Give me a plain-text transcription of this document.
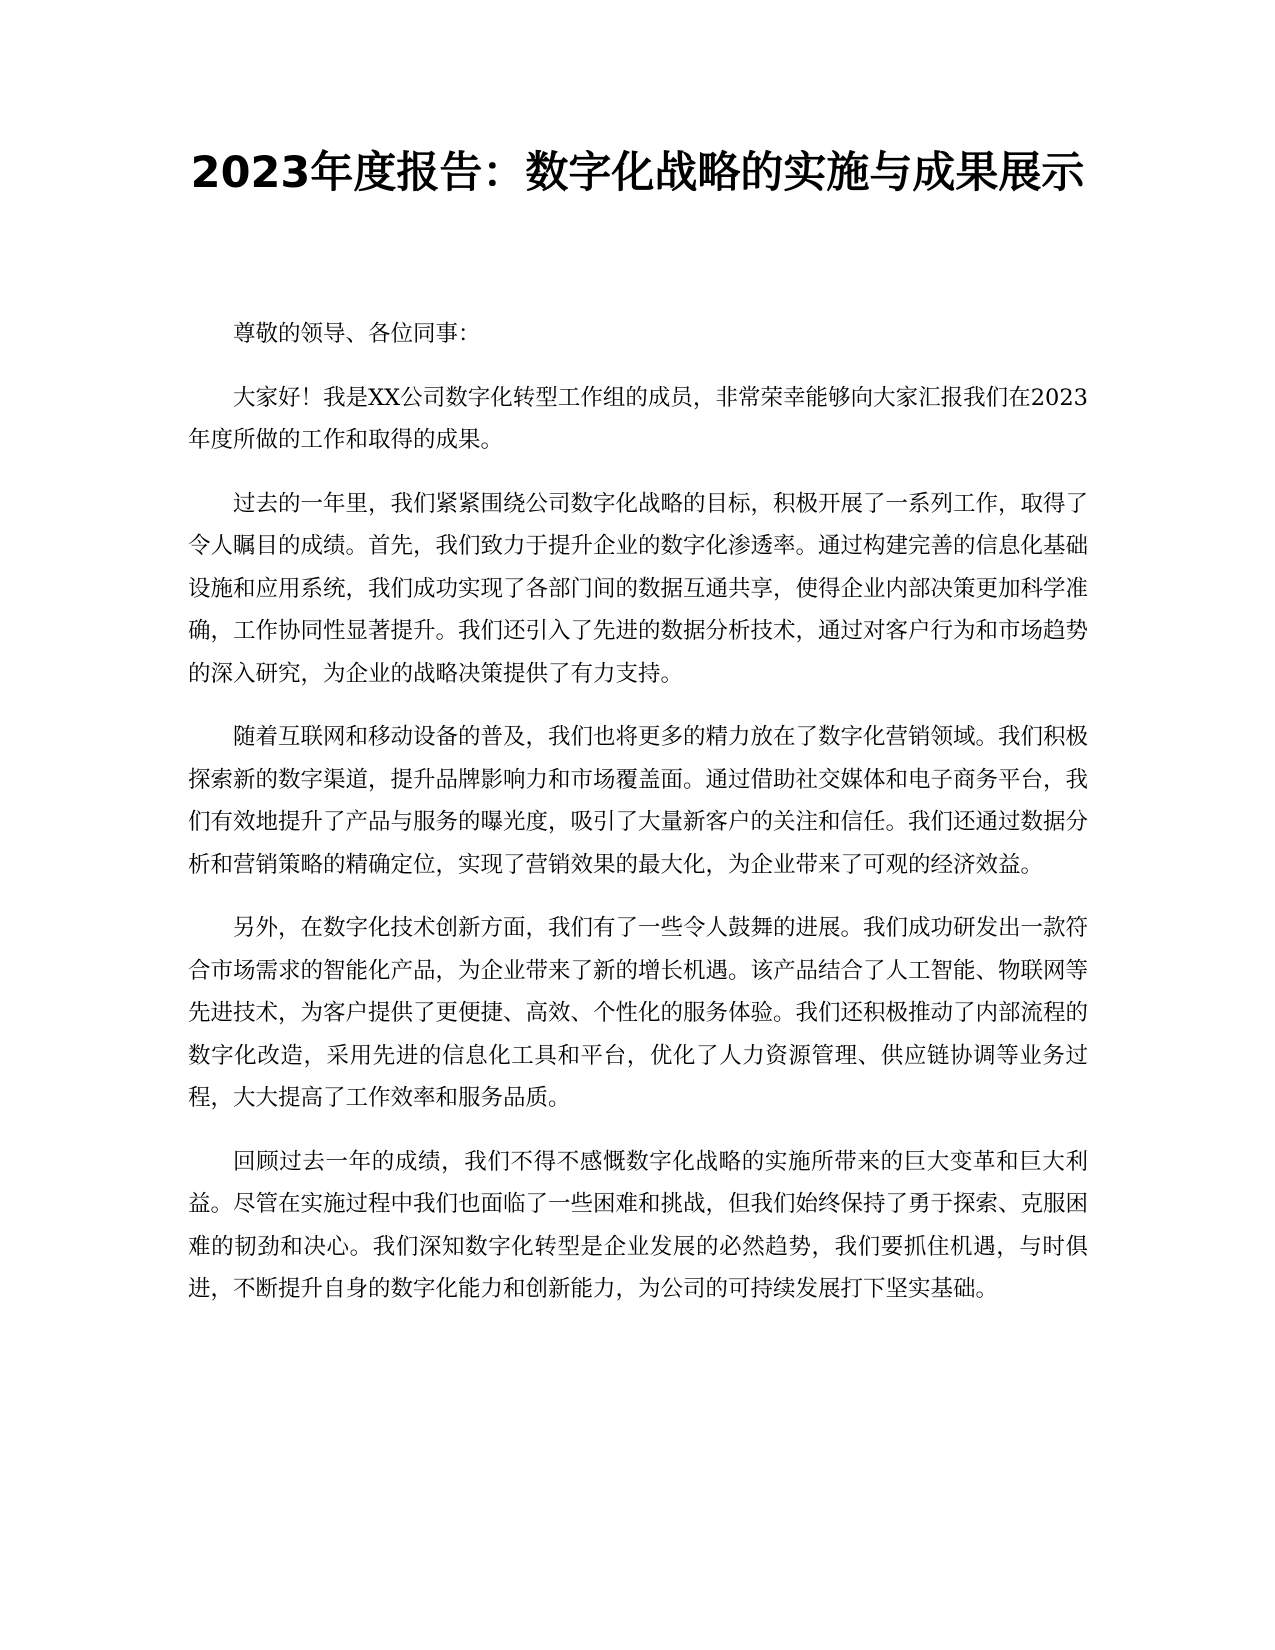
2023年度报告：数字化战略的实施与成果展示

尊敬的领导、各位同事：

大家好！我是XX公司数字化转型工作组的成员，非常荣幸能够向大家汇报我们在2023年度所做的工作和取得的成果。

过去的一年里，我们紧紧围绕公司数字化战略的目标，积极开展了一系列工作，取得了令人瞩目的成绩。首先，我们致力于提升企业的数字化渗透率。通过构建完善的信息化基础设施和应用系统，我们成功实现了各部门间的数据互通共享，使得企业内部决策更加科学准确，工作协同性显著提升。我们还引入了先进的数据分析技术，通过对客户行为和市场趋势的深入研究，为企业的战略决策提供了有力支持。

随着互联网和移动设备的普及，我们也将更多的精力放在了数字化营销领域。我们积极探索新的数字渠道，提升品牌影响力和市场覆盖面。通过借助社交媒体和电子商务平台，我们有效地提升了产品与服务的曝光度，吸引了大量新客户的关注和信任。我们还通过数据分析和营销策略的精确定位，实现了营销效果的最大化，为企业带来了可观的经济效益。

另外，在数字化技术创新方面，我们有了一些令人鼓舞的进展。我们成功研发出一款符合市场需求的智能化产品，为企业带来了新的增长机遇。该产品结合了人工智能、物联网等先进技术，为客户提供了更便捷、高效、个性化的服务体验。我们还积极推动了内部流程的数字化改造，采用先进的信息化工具和平台，优化了人力资源管理、供应链协调等业务过程，大大提高了工作效率和服务品质。

回顾过去一年的成绩，我们不得不感慨数字化战略的实施所带来的巨大变革和巨大利益。尽管在实施过程中我们也面临了一些困难和挑战，但我们始终保持了勇于探索、克服困难的韧劲和决心。我们深知数字化转型是企业发展的必然趋势，我们要抓住机遇，与时俱进，不断提升自身的数字化能力和创新能力，为公司的可持续发展打下坚实基础。
